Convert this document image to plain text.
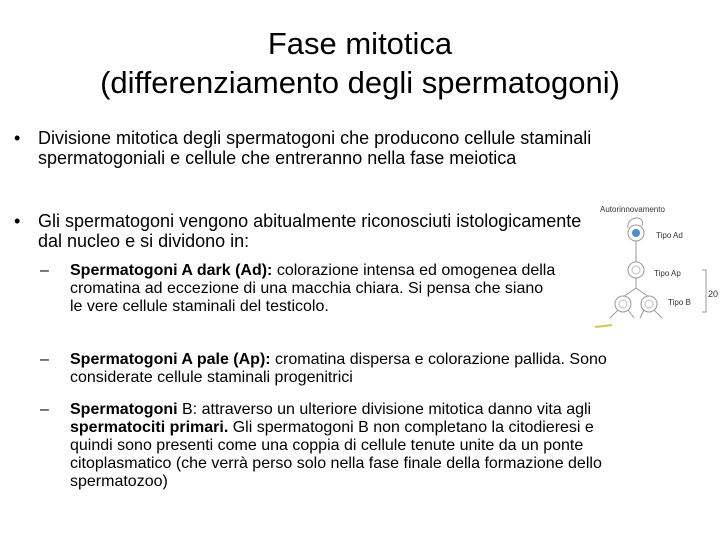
Fase mitotica
(differenziamento degli spermatogoni)
• Divisione mitotica degli spermatogoni che producono cellule staminali spermatogoniali e cellule che entreranno nella fase meiotica
• Gli spermatogoni vengono abitualmente riconosciuti istologicamente dal nucleo e si dividono in:
– Spermatogoni A dark (Ad): colorazione intensa ed omogenea della cromatina ad eccezione di una macchia chiara. Si pensa che siano le vere cellule staminali del testicolo.
– Spermatogoni A pale (Ap): cromatina dispersa e colorazione pallida. Sono considerate cellule staminali progenitrici
– Spermatogoni B: attraverso un ulteriore divisione mitotica danno vita agli spermatociti primari. Gli spermatogoni B non completano la citodieresi e quindi sono presenti come una coppia di cellule tenute unite da un ponte citoplasmatico (che verrà perso solo nella fase finale della formazione dello spermatozoo)
Autorinnovamento
Tipo Ad
Tipo Ap
Tipo B
20
